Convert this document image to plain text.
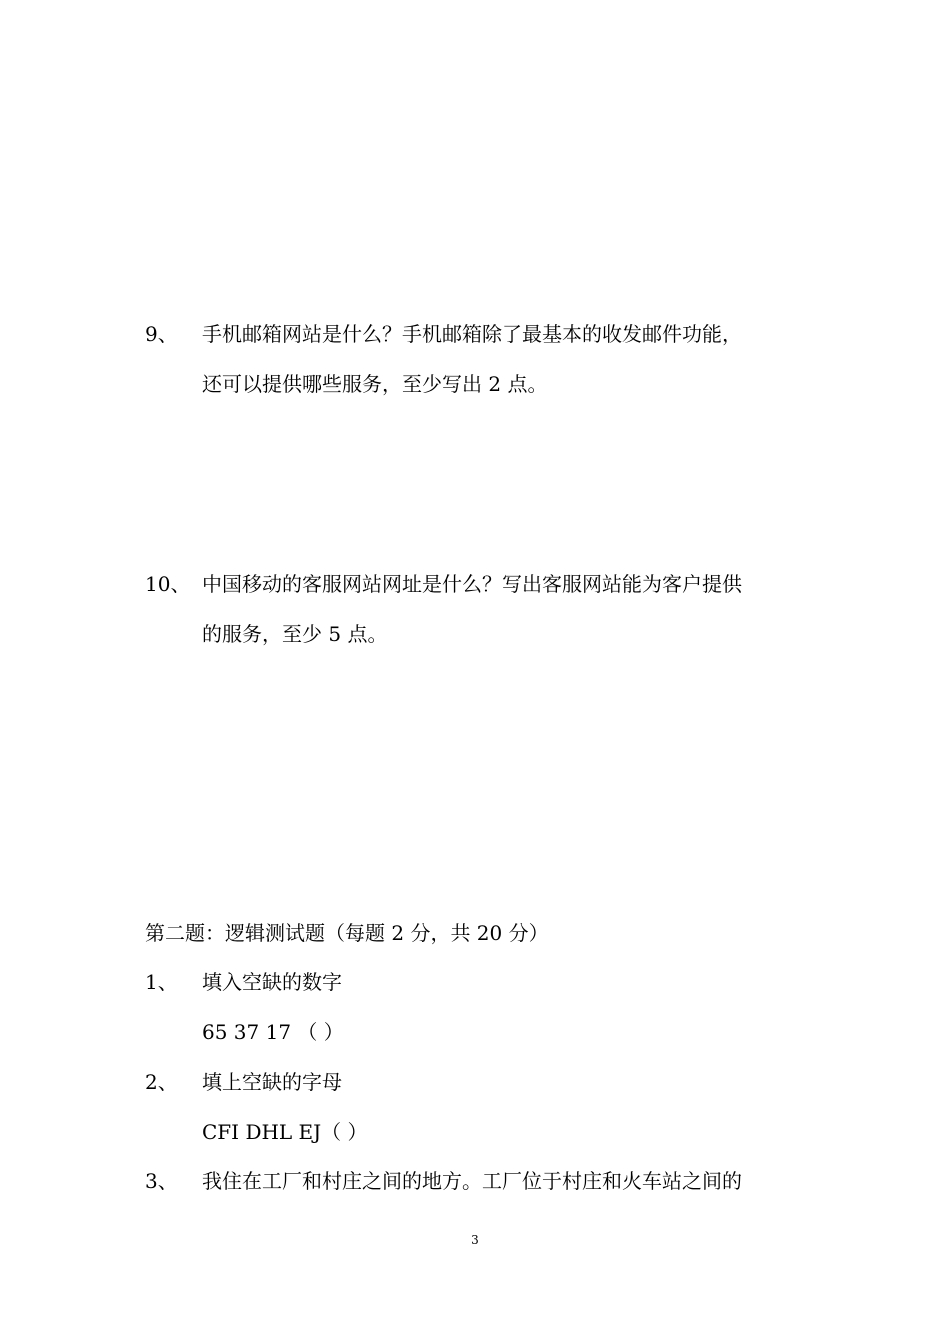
9、 手机邮箱网站是什么？手机邮箱除了最基本的收发邮件功能，
还可以提供哪些服务，至少写出 2 点。
10、 中国移动的客服网站网址是什么？写出客服网站能为客户提供
的服务，至少 5 点。
第二题：逻辑测试题（每题 2 分，共 20 分）
1、 填入空缺的数字
65 37 17 （ ）
2、 填上空缺的字母
CFI DHL EJ（ ）
3、 我住在工厂和村庄之间的地方。工厂位于村庄和火车站之间的
3
